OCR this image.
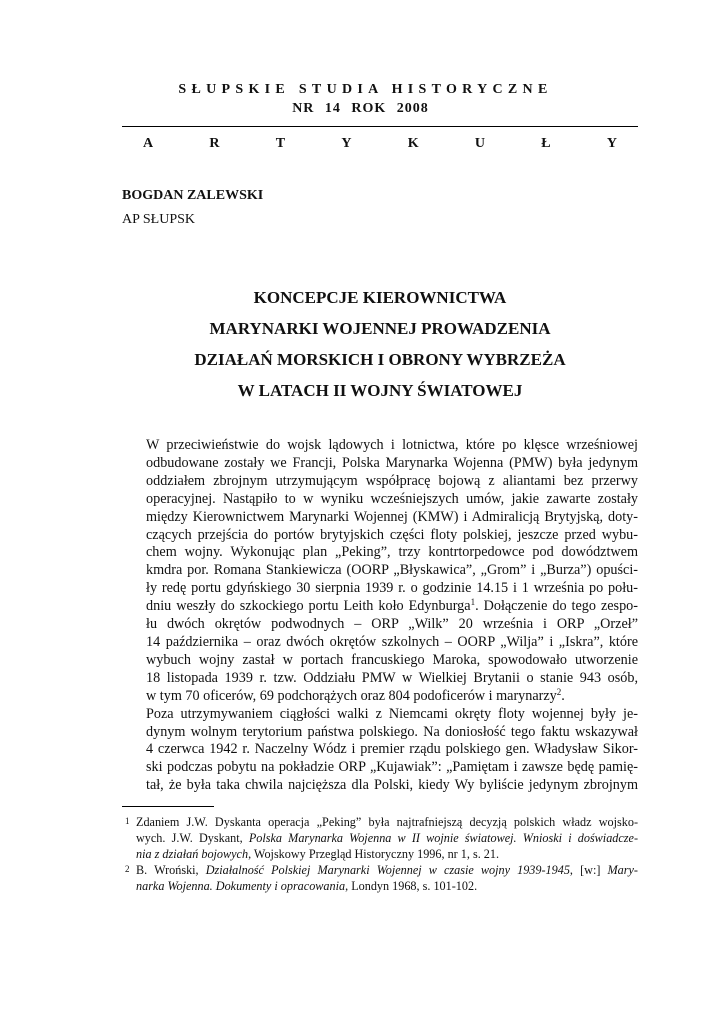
SŁUPSKIE STUDIA HISTORYCZNE
NR 14 ROK 2008
A	R	T	Y	K	U	Ł	Y
BOGDAN ZALEWSKI
AP SŁUPSK
KONCEPCJE KIEROWNICTWA
MARYNARKI WOJENNEJ PROWADZENIA
DZIAŁAŃ MORSKICH I OBRONY WYBRZEŻA
W LATACH II WOJNY ŚWIATOWEJ

W przeciwieństwie do wojsk lądowych i lotnictwa, które po klęsce wrześniowej
odbudowane zostały we Francji, Polska Marynarka Wojenna (PMW) była jedynym
oddziałem zbrojnym utrzymującym współpracę bojową z aliantami bez przerwy
operacyjnej. Nastąpiło to w wyniku wcześniejszych umów, jakie zawarte zostały
między Kierownictwem Marynarki Wojennej (KMW) i Admiralicją Brytyjską, doty-
czących przejścia do portów brytyjskich części floty polskiej, jeszcze przed wybu-
chem wojny. Wykonując plan „Peking”, trzy kontrtorpedowce pod dowództwem
kmdra por. Romana Stankiewicza (OORP „Błyskawica”, „Grom” i „Burza”) opuści-
ły redę portu gdyńskiego 30 sierpnia 1939 r. o godzinie 14.15 i 1 września po połu-
dniu weszły do szkockiego portu Leith koło Edynburga$^1$. Dołączenie do tego zespo-
łu dwóch okrętów podwodnych – ORP „Wilk” 20 września i ORP „Orzeł”
14 października – oraz dwóch okrętów szkolnych – OORP „Wilja” i „Iskra”, które
wybuch wojny zastał w portach francuskiego Maroka, spowodowało utworzenie
18 listopada 1939 r. tzw. Oddziału PMW w Wielkiej Brytanii o stanie 943 osób,
w tym 70 oficerów, 69 podchorążych oraz 804 podoficerów i marynarzy$^2$.

Poza utrzymywaniem ciągłości walki z Niemcami okręty floty wojennej były je-
dynym wolnym terytorium państwa polskiego. Na doniosłość tego faktu wskazywał
4 czerwca 1942 r. Naczelny Wódz i premier rządu polskiego gen. Władysław Sikor-
ski podczas pobytu na pokładzie ORP „Kujawiak”: „Pamiętam i zawsze będę pamię-
tał, że była taka chwila najcięższa dla Polski, kiedy Wy byliście jedynym zbrojnym

1 Zdaniem J.W. Dyskanta operacja „Peking” była najtrafniejszą decyzją polskich władz wojsko-
wych. J.W. Dyskant, Polska Marynarka Wojenna w II wojnie światowej. Wnioski i doświadcze-
nia z działań bojowych, Wojskowy Przegląd Historyczny 1996, nr 1, s. 21.
2 B. Wroński, Działalność Polskiej Marynarki Wojennej w czasie wojny 1939-1945, [w:] Mary-
narka Wojenna. Dokumenty i opracowania, Londyn 1968, s. 101-102.
